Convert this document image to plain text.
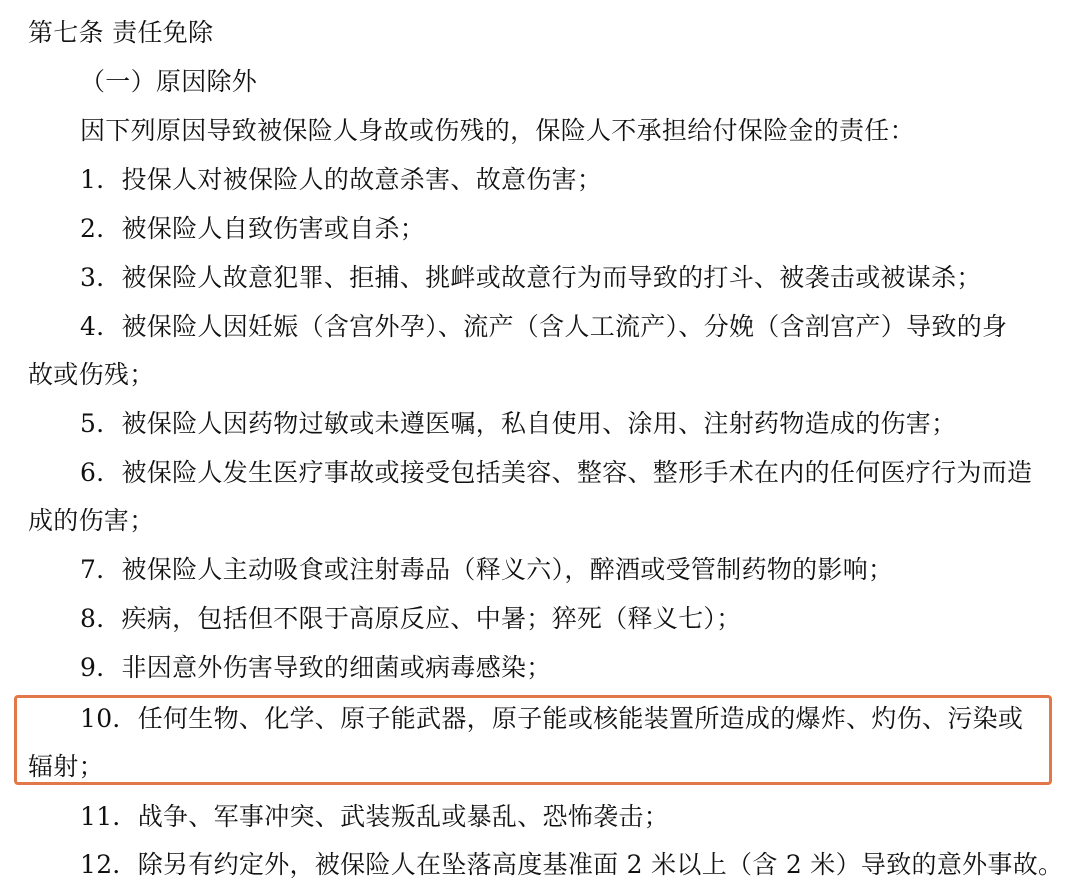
第七条 责任免除
（一）原因除外
因下列原因导致被保险人身故或伤残的，保险人不承担给付保险金的责任：
1．投保人对被保险人的故意杀害、故意伤害；
2．被保险人自致伤害或自杀；
3．被保险人故意犯罪、拒捕、挑衅或故意行为而导致的打斗、被袭击或被谋杀；
4．被保险人因妊娠（含宫外孕）、流产（含人工流产）、分娩（含剖宫产）导致的身
故或伤残；
5．被保险人因药物过敏或未遵医嘱，私自使用、涂用、注射药物造成的伤害；
6．被保险人发生医疗事故或接受包括美容、整容、整形手术在内的任何医疗行为而造
成的伤害；
7．被保险人主动吸食或注射毒品（释义六），醉酒或受管制药物的影响；
8．疾病，包括但不限于高原反应、中暑；猝死（释义七）；
9．非因意外伤害导致的细菌或病毒感染；
10．任何生物、化学、原子能武器，原子能或核能装置所造成的爆炸、灼伤、污染或
辐射；
11．战争、军事冲突、武装叛乱或暴乱、恐怖袭击；
12．除另有约定外，被保险人在坠落高度基准面 2 米以上（含 2 米）导致的意外事故。
